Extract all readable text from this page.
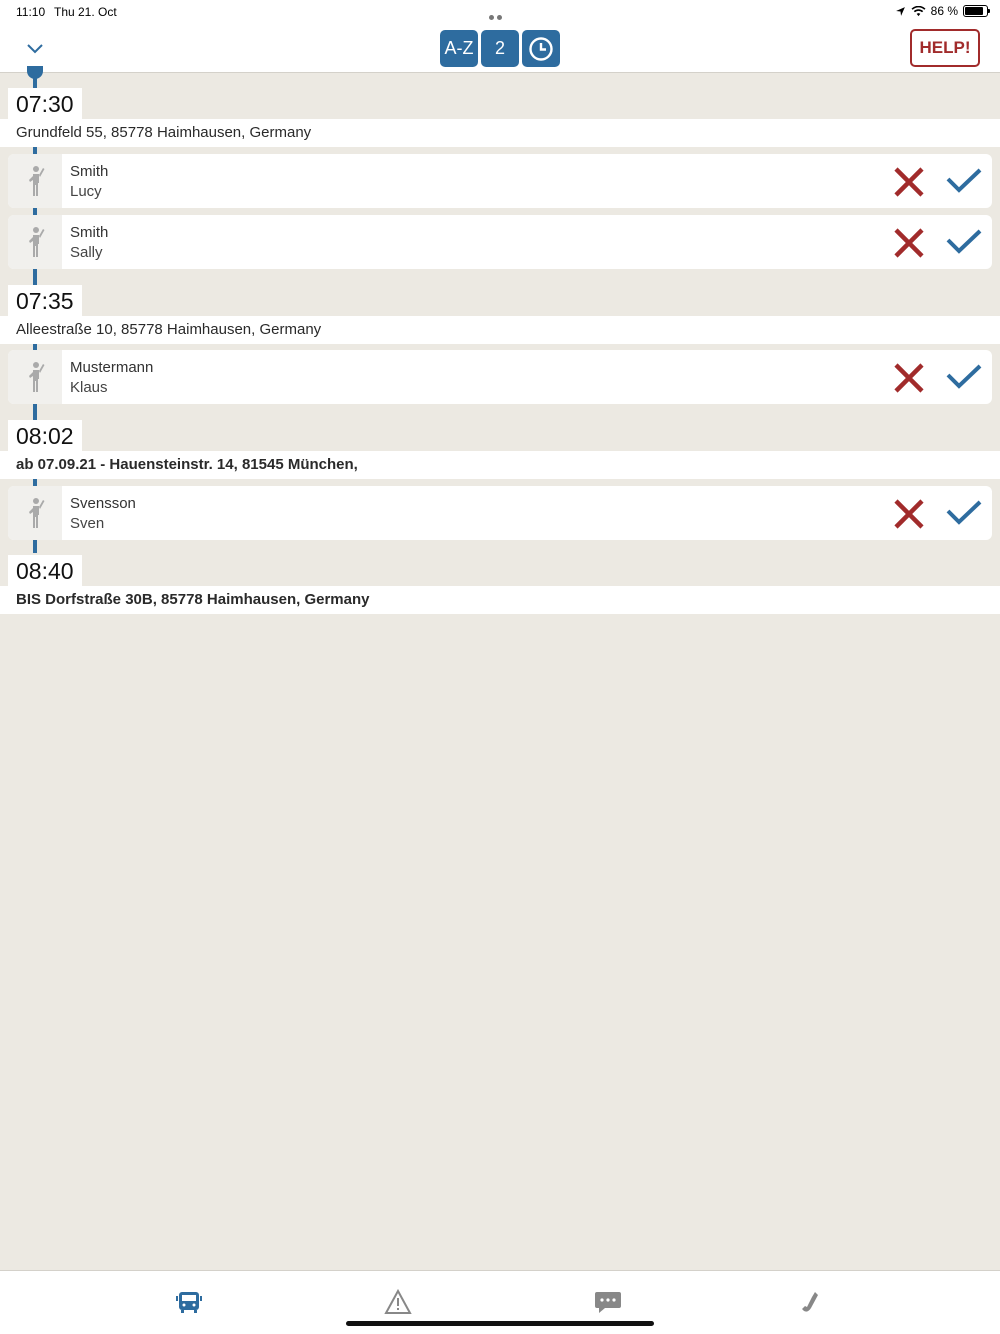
11:10 Thu 21. Oct	86 %
A-Z	2	HELP!
07:30
Grundfeld 55, 85778 Haimhausen, Germany
Smith
Lucy
Smith
Sally
07:35
Alleestraße 10, 85778 Haimhausen, Germany
Mustermann
Klaus
08:02
ab 07.09.21 - Hauensteinstr. 14, 81545 München,
Svensson
Sven
08:40
BIS Dorfstraße 30B, 85778 Haimhausen, Germany
